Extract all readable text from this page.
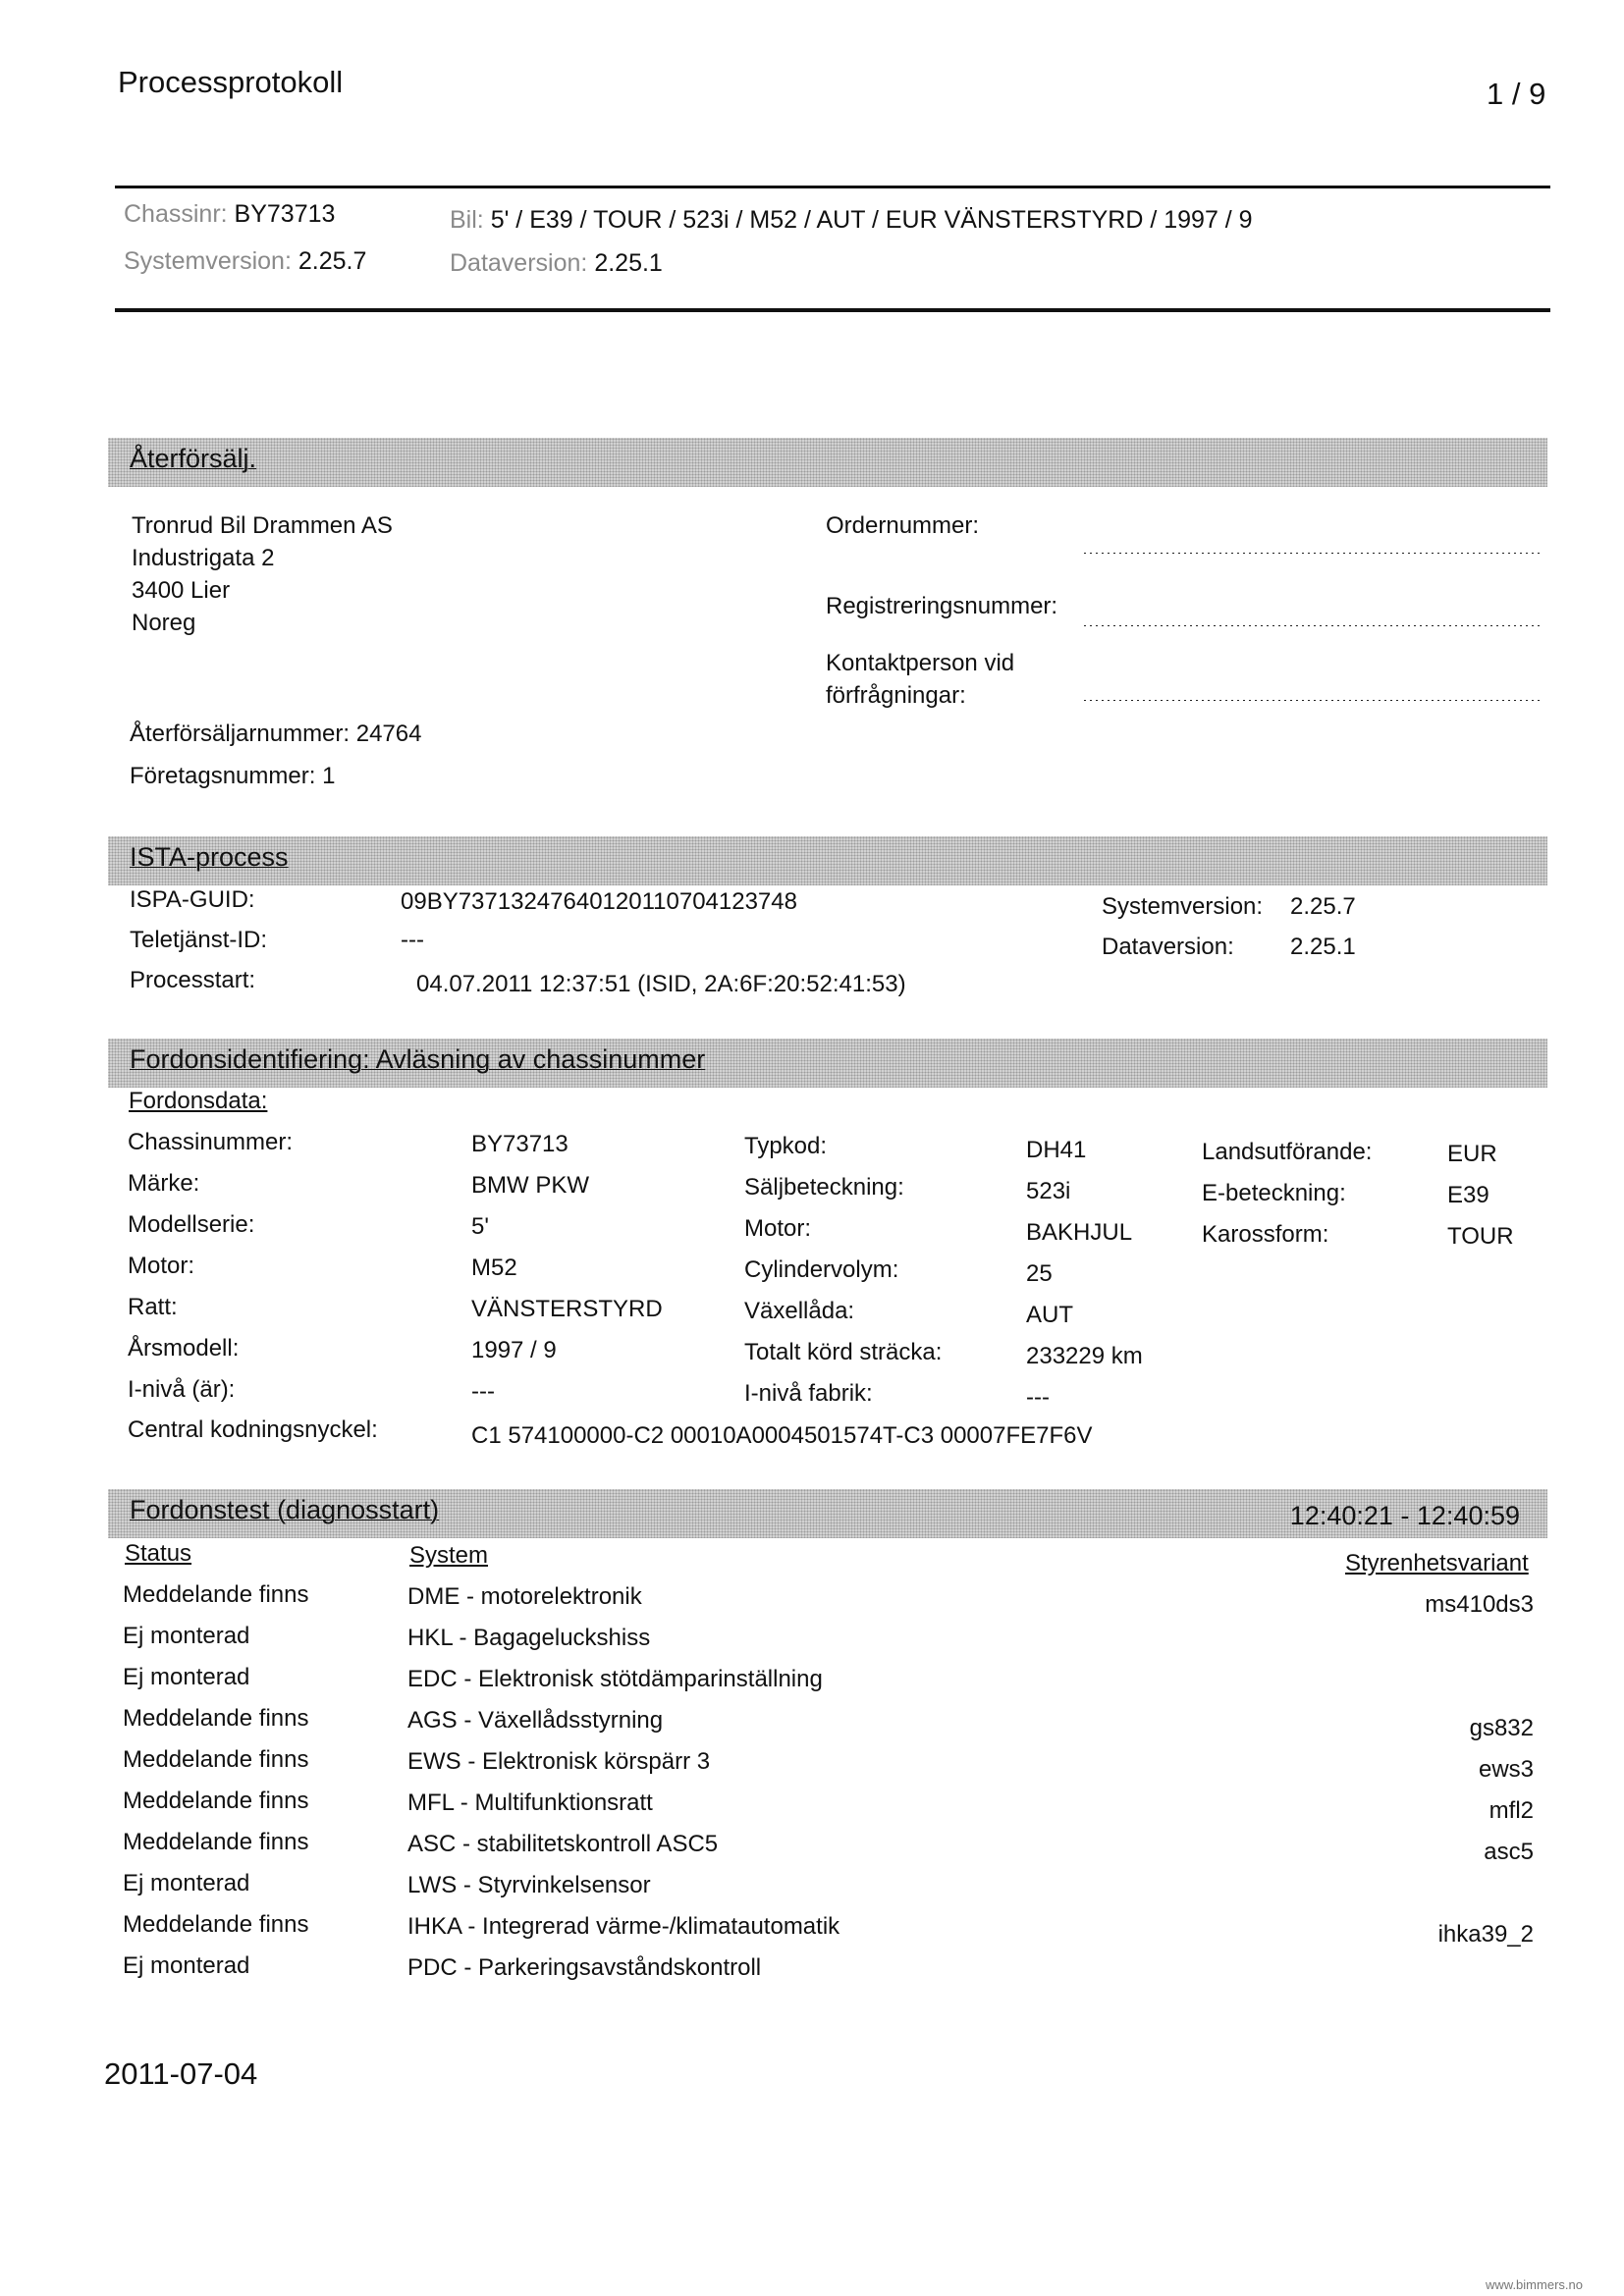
Processprotokoll	1 / 9
Chassinr: BY73713
Systemversion: 2.25.7
Bil: 5' / E39 / TOUR / 523i / M52 / AUT / EUR VÄNSTERSTYRD / 1997 / 9
Dataversion: 2.25.1
Återförsälj.
Tronrud Bil Drammen AS
Industrigata 2
3400 Lier
Noreg
Ordernummer:
Registreringsnummer:
Kontaktperson vid
förfrågningar:
Återförsäljarnummer: 24764
Företagsnummer: 1
ISTA-process
ISPA-GUID:	09BY73713247640120110704123748
Teletjänst-ID:	---
Processtart:	04.07.2011 12:37:51 (ISID, 2A:6F:20:52:41:53)
Systemversion: 2.25.7
Dataversion: 2.25.1
Fordonsidentifiering: Avläsning av chassinummer
Fordonsdata:
Chassinummer:	BY73713
Märke:	BMW PKW
Modellserie:	5'
Motor:	M52
Ratt:	VÄNSTERSTYRD
Årsmodell:	1997 / 9
I-nivå (är):	---
Typkod:	DH41
Säljbeteckning:	523i
Motor:	BAKHJUL
Cylindervolym:	25
Växellåda:	AUT
Totalt körd sträcka:	233229 km
I-nivå fabrik:	---
Landsutförande:	EUR
E-beteckning:	E39
Karossform:	TOUR
Central kodningsnyckel:	C1 574100000-C2 00010A0004501574T-C3 00007FE7F6V
Fordonstest (diagnosstart)	12:40:21 - 12:40:59
Status	System	Styrenhetsvariant
Meddelande finns	DME - motorelektronik	ms410ds3
Ej monterad	HKL - Bagageluckshiss
Ej monterad	EDC - Elektronisk stötdämparinställning
Meddelande finns	AGS - Växellådsstyrning	gs832
Meddelande finns	EWS - Elektronisk körspärr 3	ews3
Meddelande finns	MFL - Multifunktionsratt	mfl2
Meddelande finns	ASC - stabilitetskontroll ASC5	asc5
Ej monterad	LWS - Styrvinkelsensor
Meddelande finns	IHKA - Integrerad värme-/klimatautomatik	ihka39_2
Ej monterad	PDC - Parkeringsavståndskontroll
2011-07-04
www.bimmers.no
